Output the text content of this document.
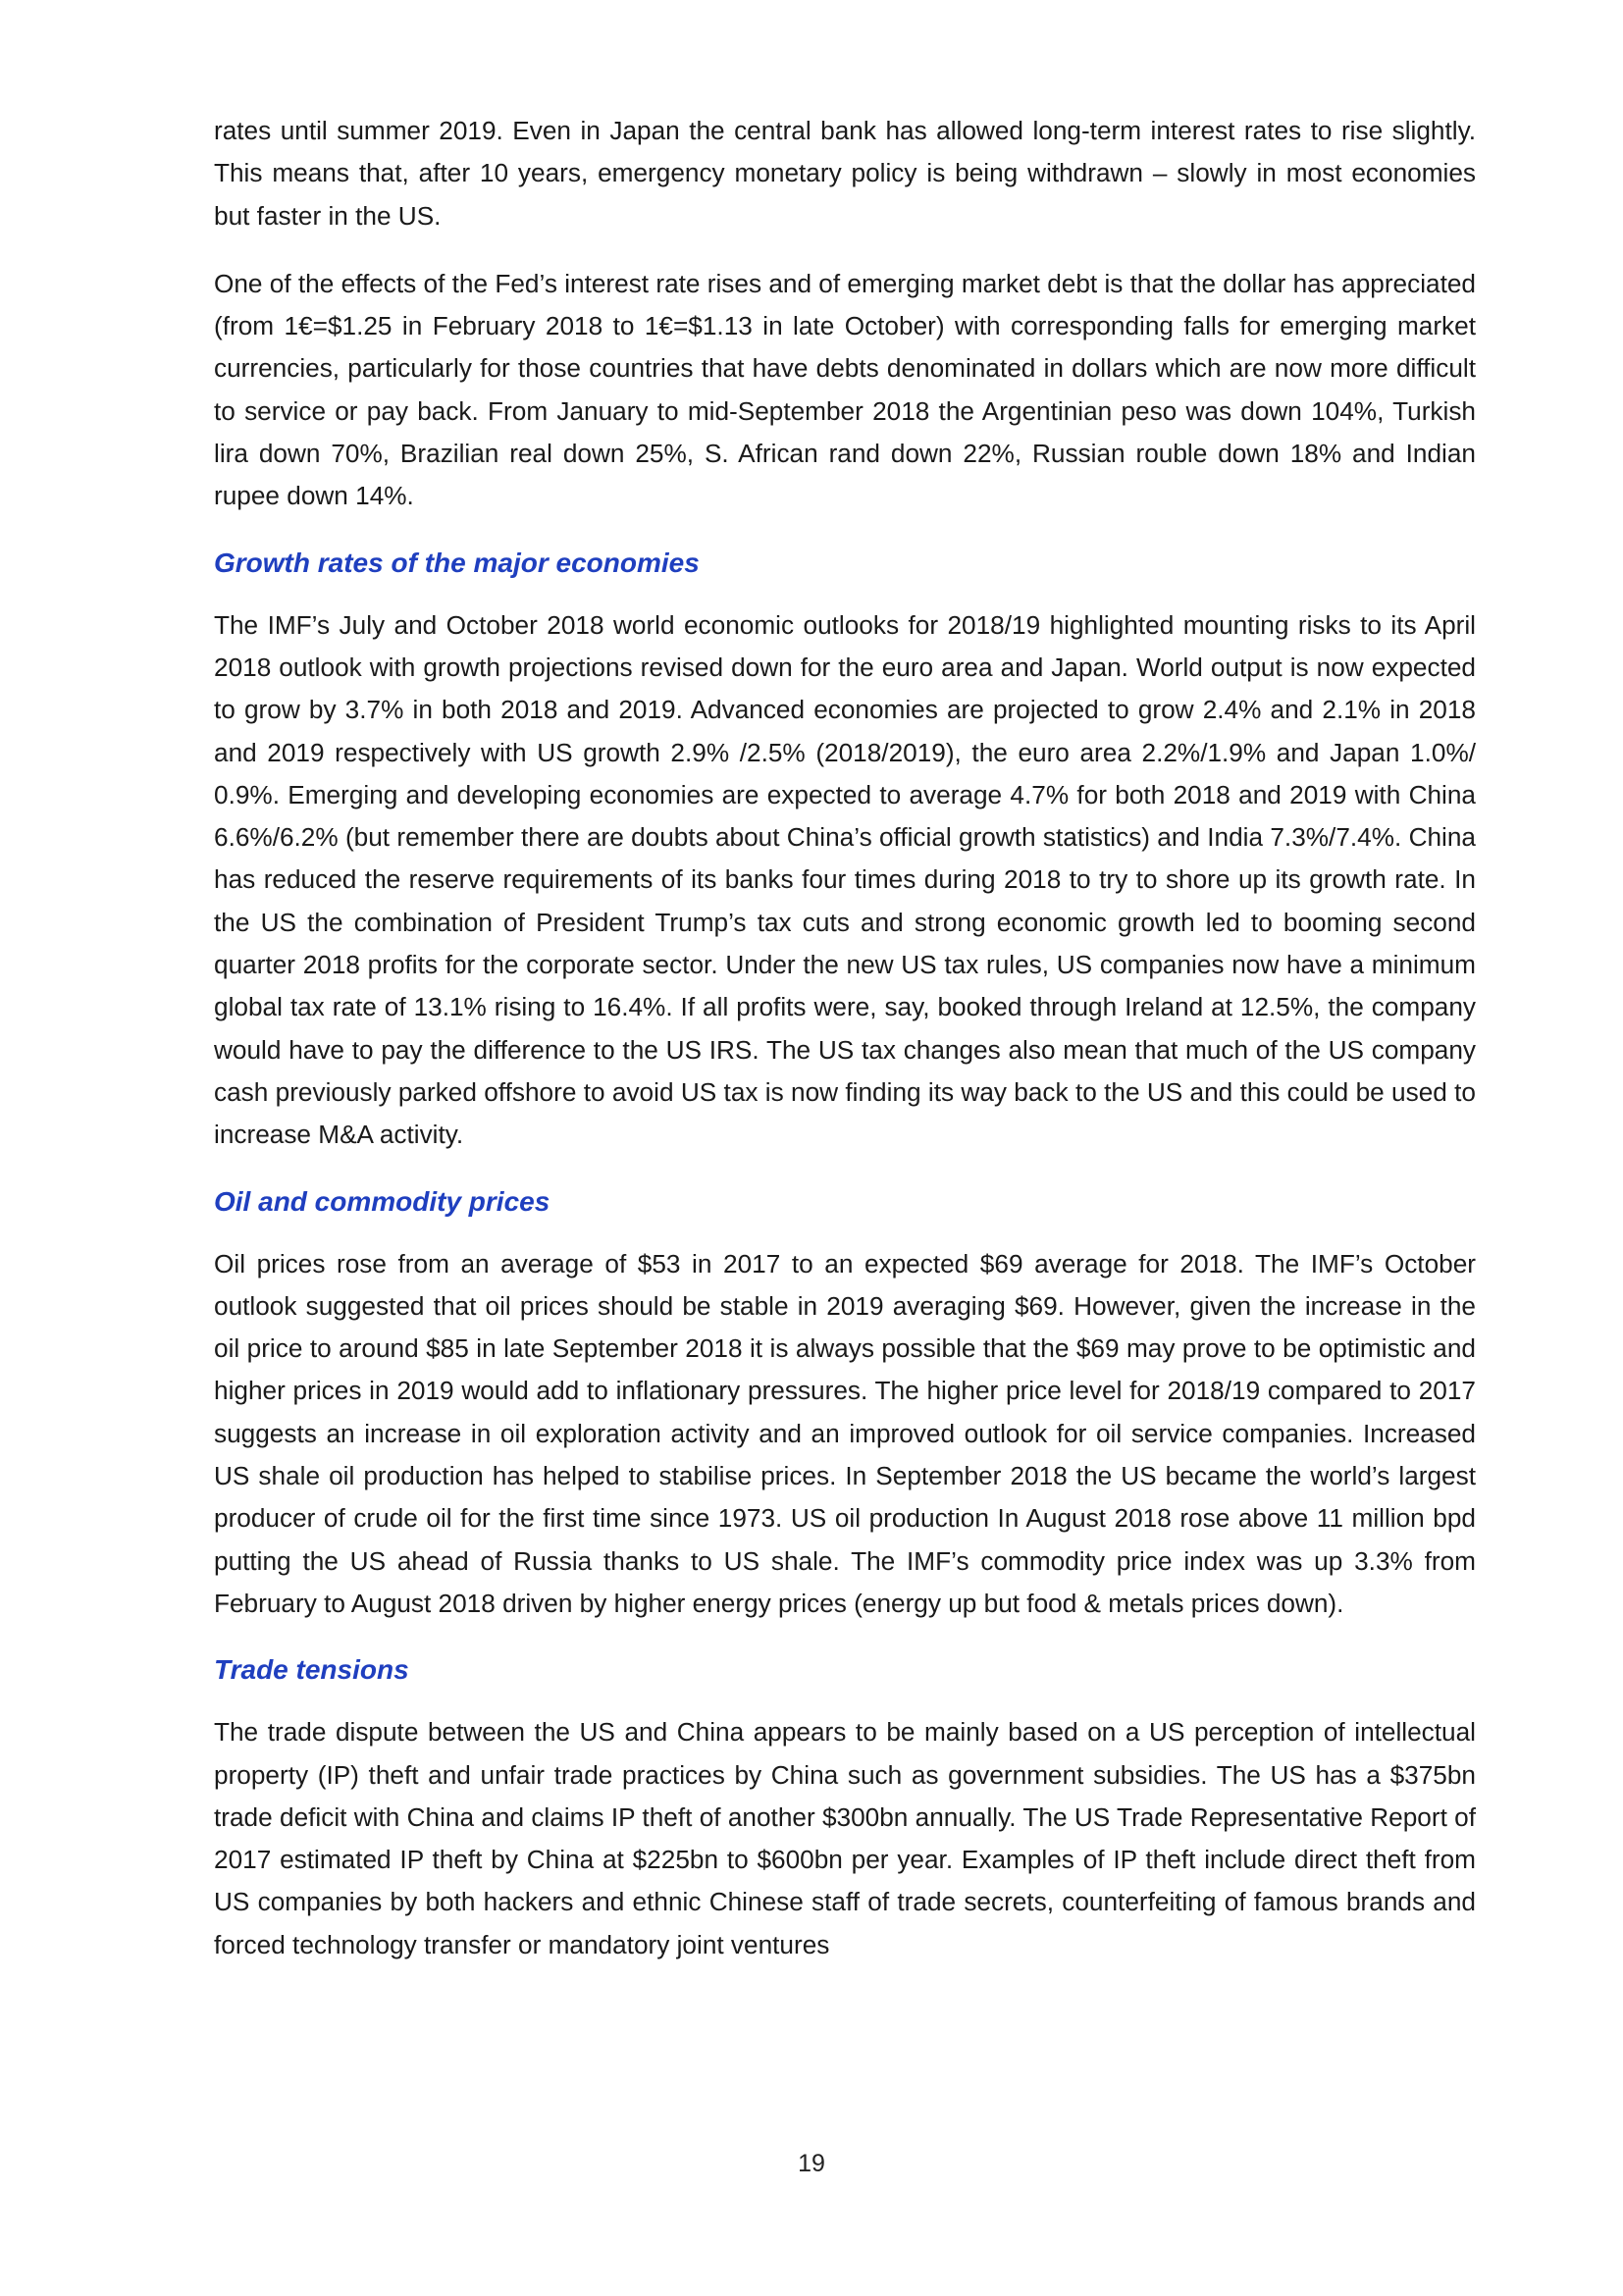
rates until summer 2019. Even in Japan the central bank has allowed long-term interest rates to rise slightly. This means that, after 10 years, emergency monetary policy is being withdrawn – slowly in most economies but faster in the US.

One of the effects of the Fed’s interest rate rises and of emerging market debt is that the dollar has appreciated (from 1€=$1.25 in February 2018 to 1€=$1.13 in late October) with corresponding falls for emerging market currencies, particularly for those countries that have debts denominated in dollars which are now more difficult to service or pay back. From January to mid-September 2018 the Argentinian peso was down 104%, Turkish lira down 70%, Brazilian real down 25%, S. African rand down 22%, Russian rouble down 18% and Indian rupee down 14%.

Growth rates of the major economies

The IMF’s July and October 2018 world economic outlooks for 2018/19 highlighted mounting risks to its April 2018 outlook with growth projections revised down for the euro area and Japan. World output is now expected to grow by 3.7% in both 2018 and 2019. Advanced economies are projected to grow 2.4% and 2.1% in 2018 and 2019 respectively with US growth 2.9% /2.5% (2018/2019), the euro area 2.2%/1.9% and Japan 1.0%/ 0.9%. Emerging and developing economies are expected to average 4.7% for both 2018 and 2019 with China 6.6%/6.2% (but remember there are doubts about China’s official growth statistics) and India 7.3%/7.4%. China has reduced the reserve requirements of its banks four times during 2018 to try to shore up its growth rate. In the US the combination of President Trump’s tax cuts and strong economic growth led to booming second quarter 2018 profits for the corporate sector. Under the new US tax rules, US companies now have a minimum global tax rate of 13.1% rising to 16.4%. If all profits were, say, booked through Ireland at 12.5%, the company would have to pay the difference to the US IRS. The US tax changes also mean that much of the US company cash previously parked offshore to avoid US tax is now finding its way back to the US and this could be used to increase M&A activity.

Oil and commodity prices

Oil prices rose from an average of $53 in 2017 to an expected $69 average for 2018. The IMF’s October outlook suggested that oil prices should be stable in 2019 averaging $69. However, given the increase in the oil price to around $85 in late September 2018 it is always possible that the $69 may prove to be optimistic and higher prices in 2019 would add to inflationary pressures. The higher price level for 2018/19 compared to 2017 suggests an increase in oil exploration activity and an improved outlook for oil service companies. Increased US shale oil production has helped to stabilise prices. In September 2018 the US became the world’s largest producer of crude oil for the first time since 1973. US oil production In August 2018 rose above 11 million bpd putting the US ahead of Russia thanks to US shale. The IMF’s commodity price index was up 3.3% from February to August 2018 driven by higher energy prices (energy up but food & metals prices down).

Trade tensions

The trade dispute between the US and China appears to be mainly based on a US perception of intellectual property (IP) theft and unfair trade practices by China such as government subsidies. The US has a $375bn trade deficit with China and claims IP theft of another $300bn annually. The US Trade Representative Report of 2017 estimated IP theft by China at $225bn to $600bn per year. Examples of IP theft include direct theft from US companies by both hackers and ethnic Chinese staff of trade secrets, counterfeiting of famous brands and forced technology transfer or mandatory joint ventures

19
